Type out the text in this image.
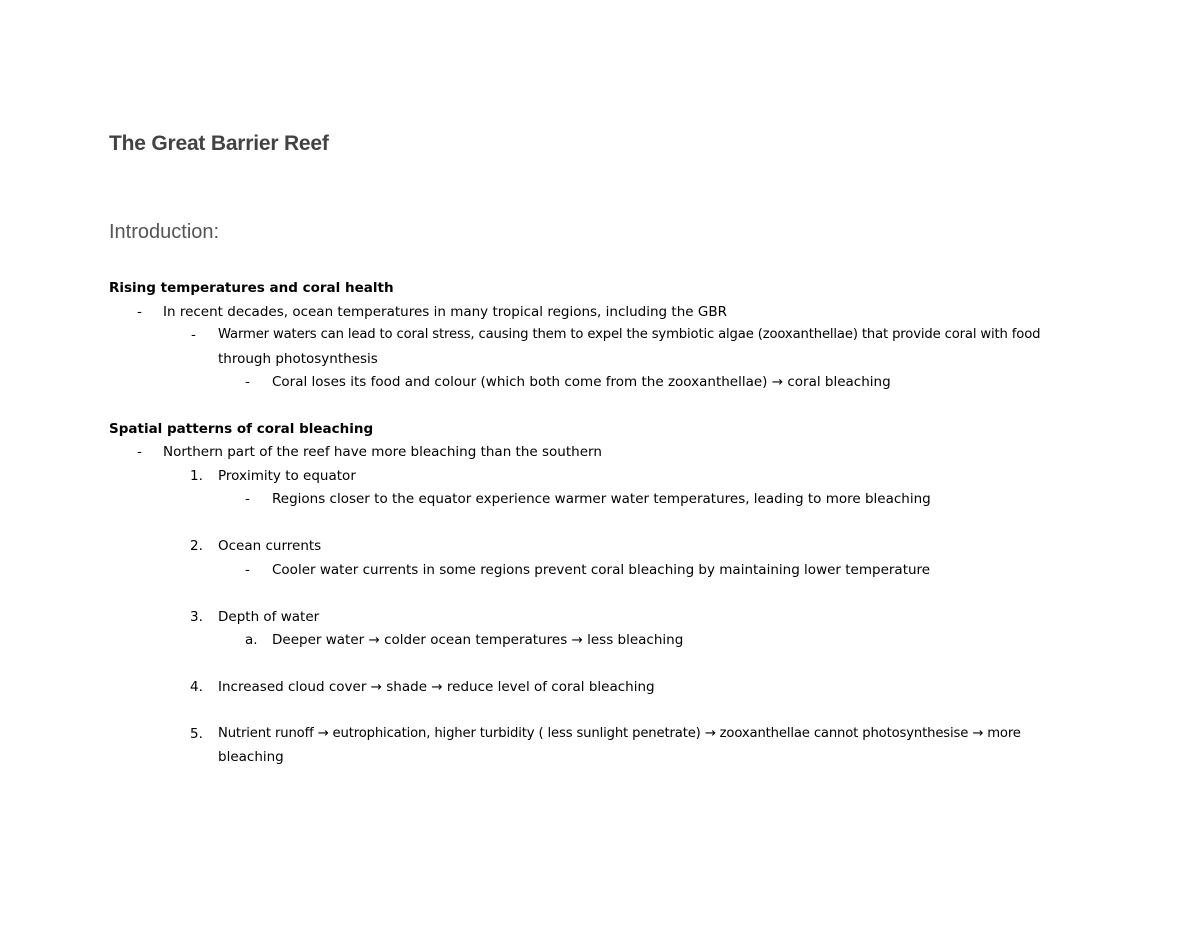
The Great Barrier Reef
Introduction:
Rising temperatures and coral health
- In recent decades, ocean temperatures in many tropical regions, including the GBR
- Warmer waters can lead to coral stress, causing them to expel the symbiotic algae (zooxanthellae) that provide coral with food
through photosynthesis
- Coral loses its food and colour (which both come from the zooxanthellae) → coral bleaching
Spatial patterns of coral bleaching
- Northern part of the reef have more bleaching than the southern
1. Proximity to equator
- Regions closer to the equator experience warmer water temperatures, leading to more bleaching
2. Ocean currents
- Cooler water currents in some regions prevent coral bleaching by maintaining lower temperature
3. Depth of water
a. Deeper water → colder ocean temperatures → less bleaching
4. Increased cloud cover → shade → reduce level of coral bleaching
5. Nutrient runoff → eutrophication, higher turbidity ( less sunlight penetrate) → zooxanthellae cannot photosynthesise → more
bleaching
